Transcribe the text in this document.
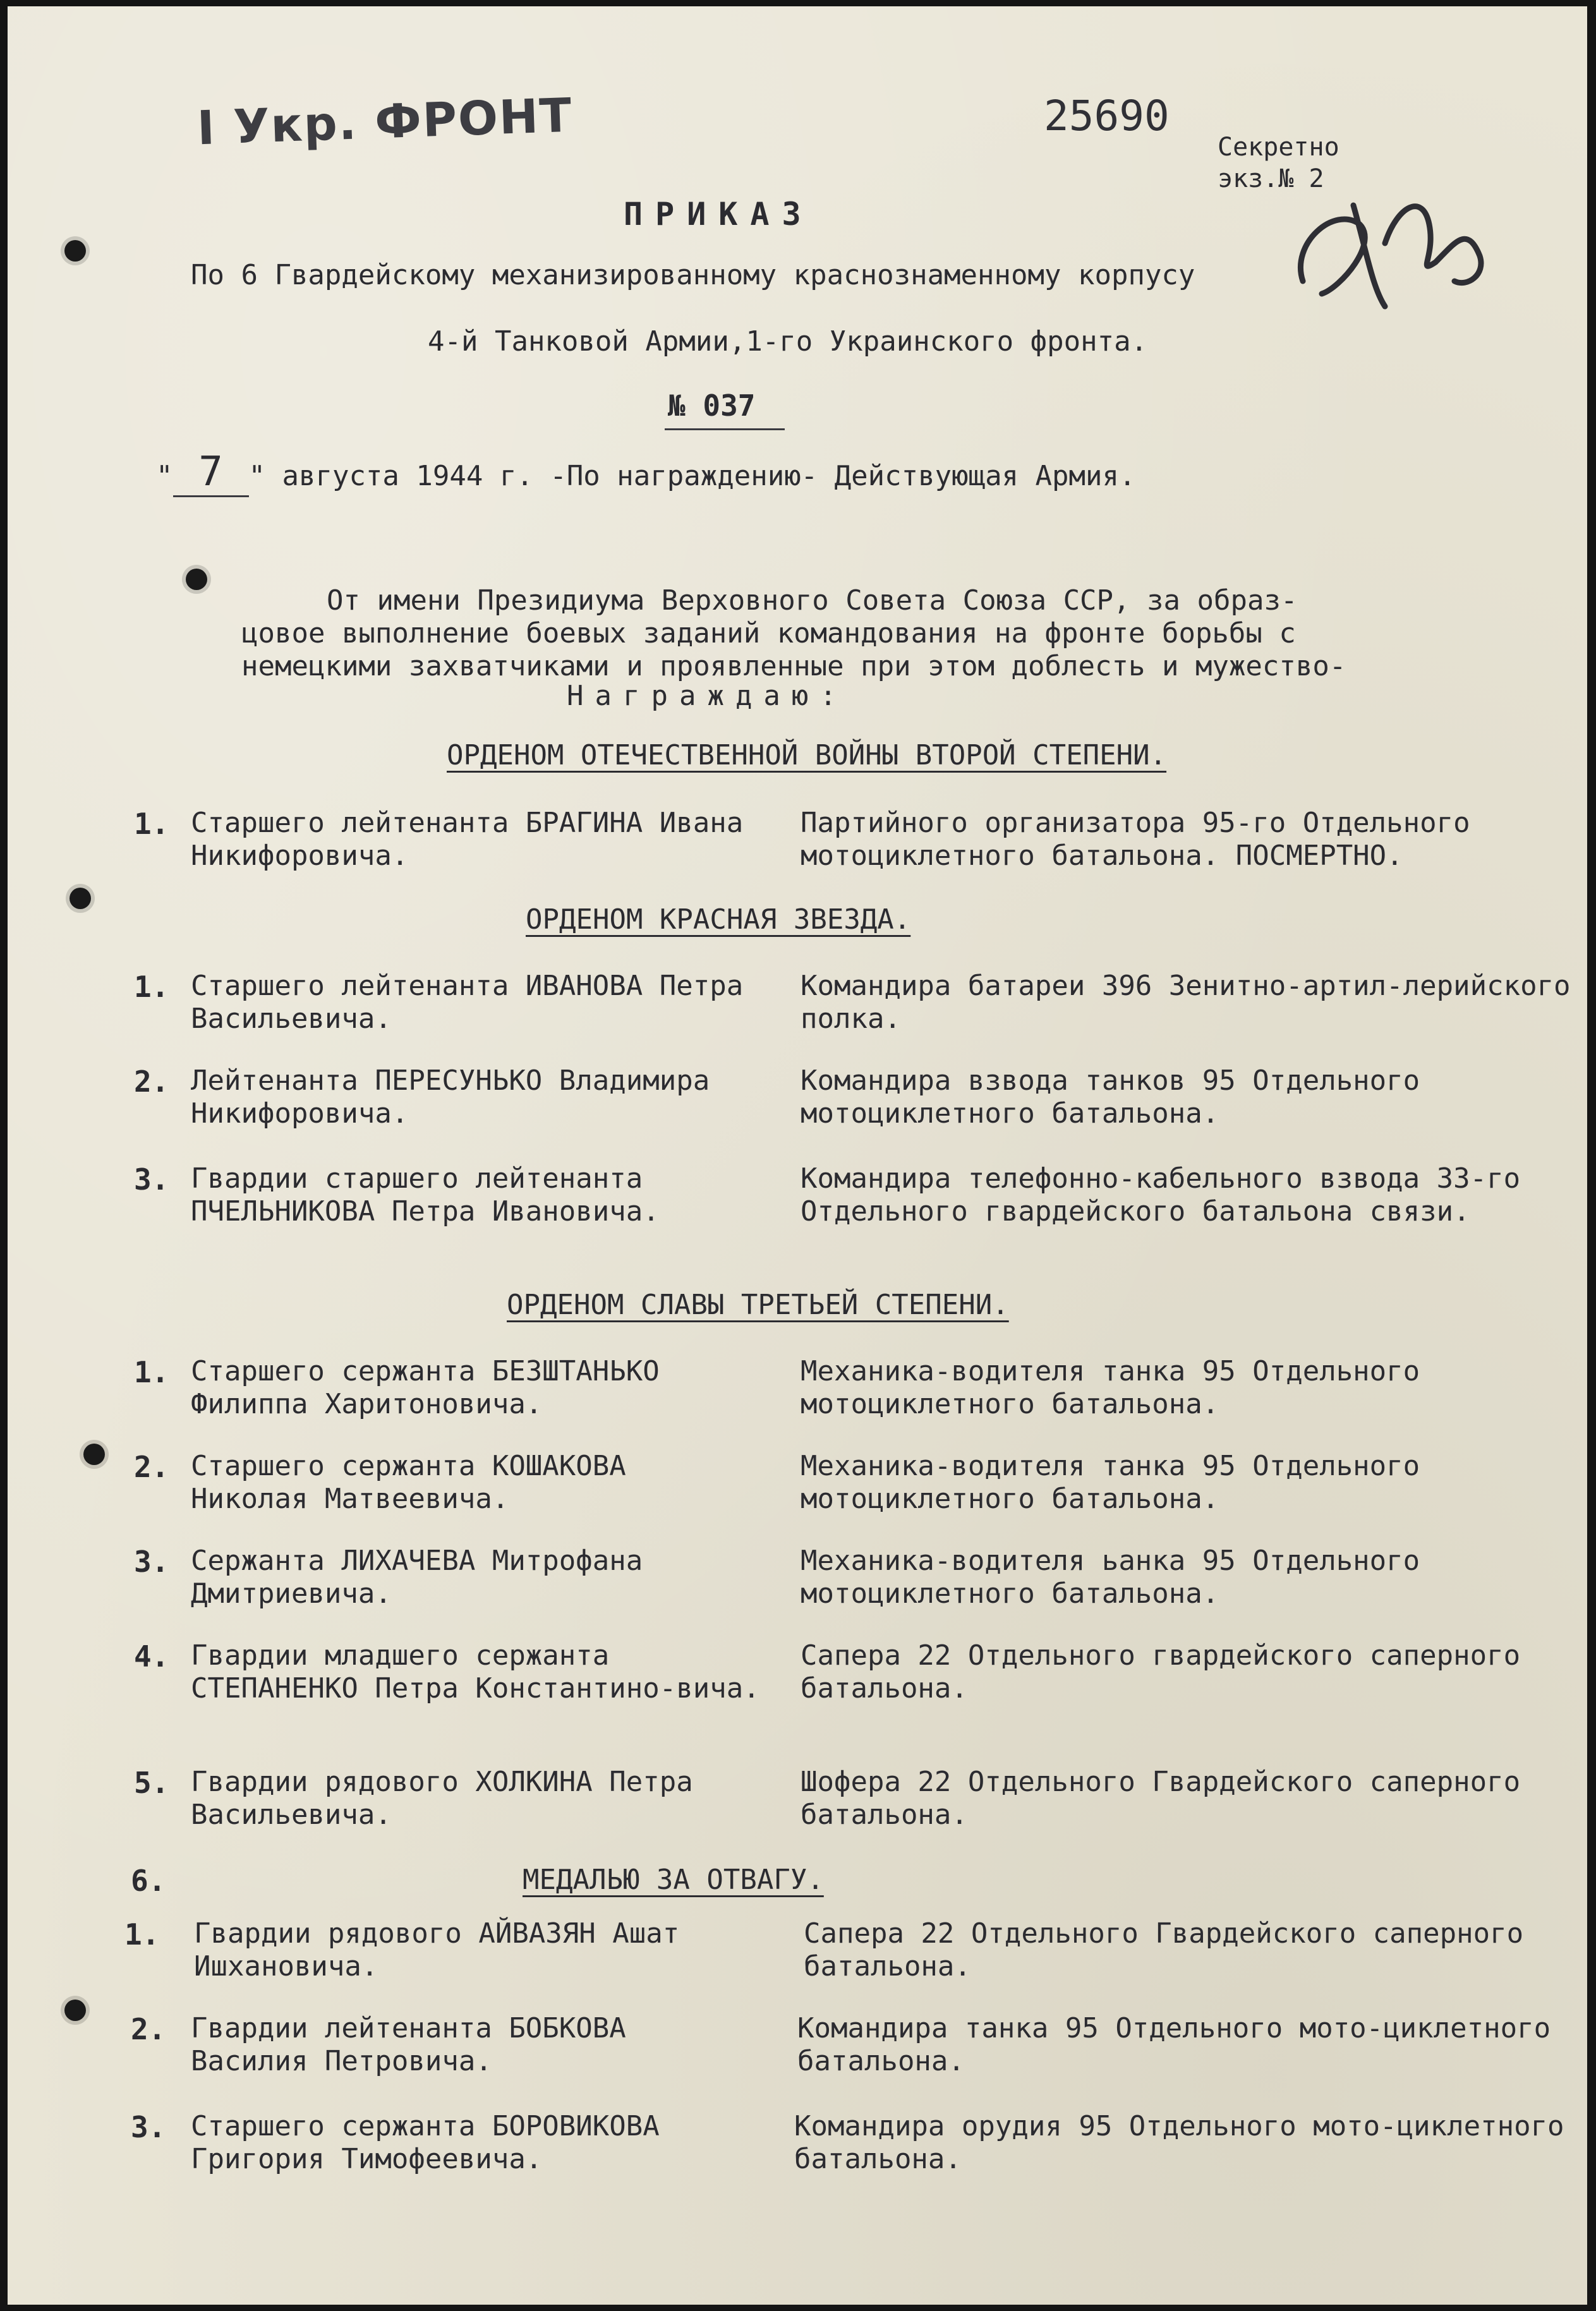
I Укр. ФРОНТ	25690
Секретно
экз.№ 2
ПРИКАЗ
По 6 Гвардейскому механизированному краснознаменному корпусу
4-й Танковой Армии,1-го Украинского фронта.
№ 037
" 7 " августа 1944 г. -По награждению- Действующая Армия.
От имени Президиума Верховного Совета Союза ССР, за образ-
цовое выполнение боевых заданий командования на фронте борьбы с
немецкими захватчиками и проявленные при этом доблесть и мужество-
Награждаю:
ОРДЕНОМ ОТЕЧЕСТВЕННОЙ ВОЙНЫ ВТОРОЙ СТЕПЕНИ.
1. Старшего лейтенанта БРАГИНА Ивана Никифоровича.
Партийного организатора 95-го Отдельного мотоциклетного батальона. ПОСМЕРТНО.
ОРДЕНОМ КРАСНАЯ ЗВЕЗДА.
1. Старшего лейтенанта ИВАНОВА Петра Васильевича.
Командира батареи 396 Зенитно-артил-лерийского полка.
2. Лейтенанта ПЕРЕСУНЬКО Владимира Никифоровича.
Командира взвода танков 95 Отдельного мотоциклетного батальона.
3. Гвардии старшего лейтенанта ПЧЕЛЬНИКОВА Петра Ивановича.
Командира телефонно-кабельного взвода 33-го Отдельного гвардейского батальона связи.
ОРДЕНОМ СЛАВЫ ТРЕТЬЕЙ СТЕПЕНИ.
1. Старшего сержанта БЕЗШТАНЬКО Филиппа Харитоновича.
Механика-водителя танка 95 Отдельного мотоциклетного батальона.
2. Старшего сержанта КОШАКОВА Николая Матвеевича.
Механика-водителя танка 95 Отдельного мотоциклетного батальона.
3. Сержанта ЛИХАЧЕВА Митрофана Дмитриевича.
Механика-водителя ьанка 95 Отдельного мотоциклетного батальона.
4. Гвардии младшего сержанта СТЕПАНЕНКО Петра Константино-вича.
Сапера 22 Отдельного гвардейского саперного батальона.
5. Гвардии рядового ХОЛКИНА Петра Васильевича.
Шофера 22 Отдельного Гвардейского саперного батальона.
6.	МЕДАЛЬЮ ЗА ОТВАГУ.
1. Гвардии рядового АЙВАЗЯН Ашат Ишхановича.
Сапера 22 Отдельного Гвардейского саперного батальона.
2. Гвардии лейтенанта БОБКОВА Василия Петровича.
Командира танка 95 Отдельного мото-циклетного батальона.
3. Старшего сержанта БОРОВИКОВА Григория Тимофеевича.
Командира орудия 95 Отдельного мото-циклетного батальона.
